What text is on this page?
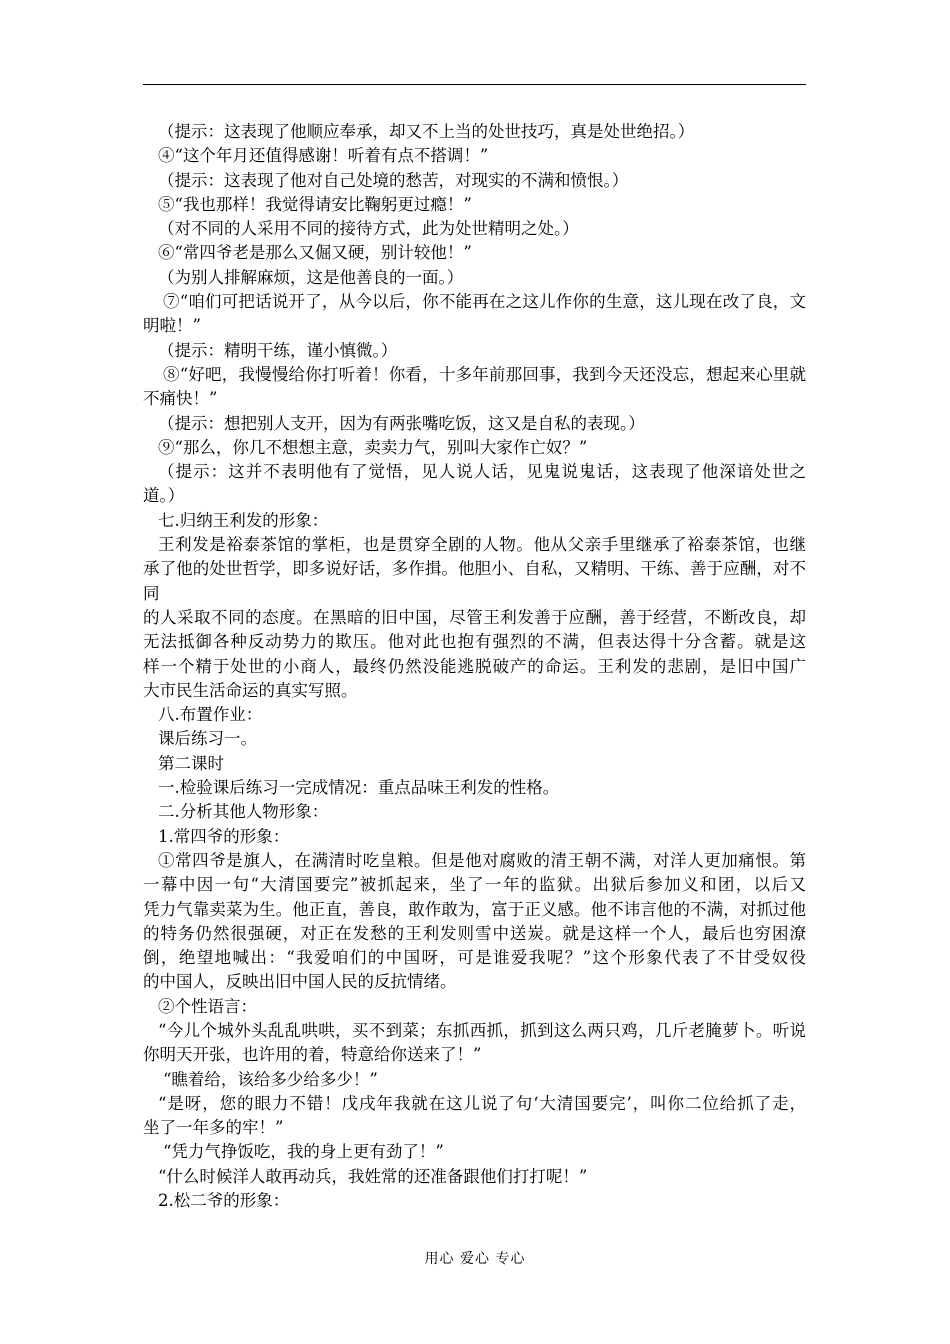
（提示：这表现了他顺应奉承，却又不上当的处世技巧，真是处世绝招。）
④“这个年月还值得感谢！听着有点不搭调！”
（提示：这表现了他对自己处境的愁苦，对现实的不满和愤恨。）
⑤“我也那样！我觉得请安比鞠躬更过瘾！”
（对不同的人采用不同的接待方式，此为处世精明之处。）
⑥“常四爷老是那么又倔又硬，别计较他！”
（为别人排解麻烦，这是他善良的一面。）
⑦“咱们可把话说开了，从今以后，你不能再在之这儿作你的生意，这儿现在改了良，文
明啦！”
（提示：精明干练，谨小慎微。）
⑧“好吧，我慢慢给你打听着！你看，十多年前那回事，我到今天还没忘，想起来心里就
不痛快！”
（提示：想把别人支开，因为有两张嘴吃饭，这又是自私的表现。）
⑨“那么，你几不想想主意，卖卖力气，别叫大家作亡奴？”
（提示：这并不表明他有了觉悟，见人说人话，见鬼说鬼话，这表现了他深谙处世之
道。）
七.归纳王利发的形象：
王利发是裕泰茶馆的掌柜，也是贯穿全剧的人物。他从父亲手里继承了裕泰茶馆，也继
承了他的处世哲学，即多说好话，多作揖。他胆小、自私，又精明、干练、善于应酬，对不同
的人采取不同的态度。在黑暗的旧中国，尽管王利发善于应酬，善于经营，不断改良，却
无法抵御各种反动势力的欺压。他对此也抱有强烈的不满，但表达得十分含蓄。就是这
样一个精于处世的小商人，最终仍然没能逃脱破产的命运。王利发的悲剧，是旧中国广
大市民生活命运的真实写照。
八.布置作业：
课后练习一。
第二课时
一.检验课后练习一完成情况：重点品味王利发的性格。
二.分析其他人物形象：
1.常四爷的形象：
①常四爷是旗人，在满清时吃皇粮。但是他对腐败的清王朝不满，对洋人更加痛恨。第
一幕中因一句“大清国要完”被抓起来，坐了一年的监狱。出狱后参加义和团，以后又
凭力气靠卖菜为生。他正直，善良，敢作敢为，富于正义感。他不讳言他的不满，对抓过他
的特务仍然很强硬，对正在发愁的王利发则雪中送炭。就是这样一个人，最后也穷困潦
倒，绝望地喊出：“我爱咱们的中国呀，可是谁爱我呢？”这个形象代表了不甘受奴役
的中国人，反映出旧中国人民的反抗情绪。
②个性语言：
“今儿个城外头乱乱哄哄，买不到菜；东抓西抓，抓到这么两只鸡，几斤老腌萝卜。听说
你明天开张，也许用的着，特意给你送来了！”
“瞧着给，该给多少给多少！”
“是呀，您的眼力不错！戊戌年我就在这儿说了句‘大清国要完’，叫你二位给抓了走，
坐了一年多的牢！”
“凭力气挣饭吃，我的身上更有劲了！”
“什么时候洋人敢再动兵，我姓常的还准备跟他们打打呢！”
2.松二爷的形象：
用心 爱心 专心
